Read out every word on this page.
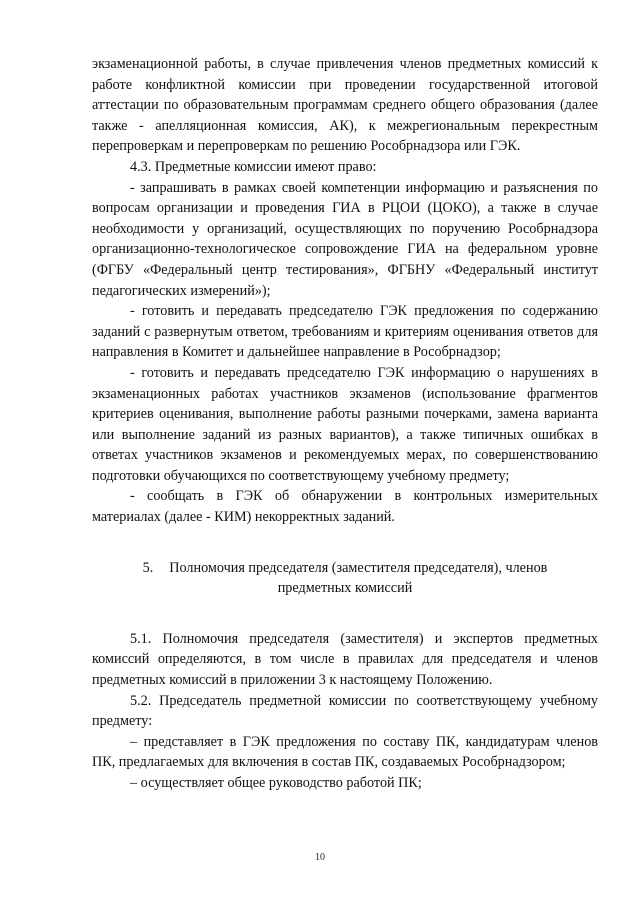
экзаменационной работы, в случае привлечения членов предметных комиссий к работе конфликтной комиссии при проведении государственной итоговой аттестации по образовательным программам среднего общего образования (далее также - апелляционная комиссия, АК), к межрегиональным перекрестным перепроверкам и перепроверкам по решению Рособрнадзора или ГЭК.

4.3. Предметные комиссии имеют право:

- запрашивать в рамках своей компетенции информацию и разъяснения по вопросам организации и проведения ГИА в РЦОИ (ЦОКО), а также в случае необходимости у организаций, осуществляющих по поручению Рособрнадзора организационно-технологическое сопровождение ГИА на федеральном уровне (ФГБУ «Федеральный центр тестирования», ФГБНУ «Федеральный институт педагогических измерений»);

- готовить и передавать председателю ГЭК предложения по содержанию заданий с развернутым ответом, требованиям и критериям оценивания ответов для направления в Комитет и дальнейшее направление в Рособрнадзор;

- готовить и передавать председателю ГЭК информацию о нарушениях в экзаменационных работах участников экзаменов (использование фрагментов критериев оценивания, выполнение работы разными почерками, замена варианта или выполнение заданий из разных вариантов), а также типичных ошибках в ответах участников экзаменов и рекомендуемых мерах, по совершенствованию подготовки обучающихся по соответствующему учебному предмету;

- сообщать в ГЭК об обнаружении в контрольных измерительных материалах (далее - КИМ) некорректных заданий.

5. Полномочия председателя (заместителя председателя), членов
предметных комиссий

5.1. Полномочия председателя (заместителя) и экспертов предметных комиссий определяются, в том числе в правилах для председателя и членов предметных комиссий в приложении 3 к настоящему Положению.

5.2. Председатель предметной комиссии по соответствующему учебному предмету:

– представляет в ГЭК предложения по составу ПК, кандидатурам членов ПК, предлагаемых для включения в состав ПК, создаваемых Рособрнадзором;

– осуществляет общее руководство работой ПК;

10
